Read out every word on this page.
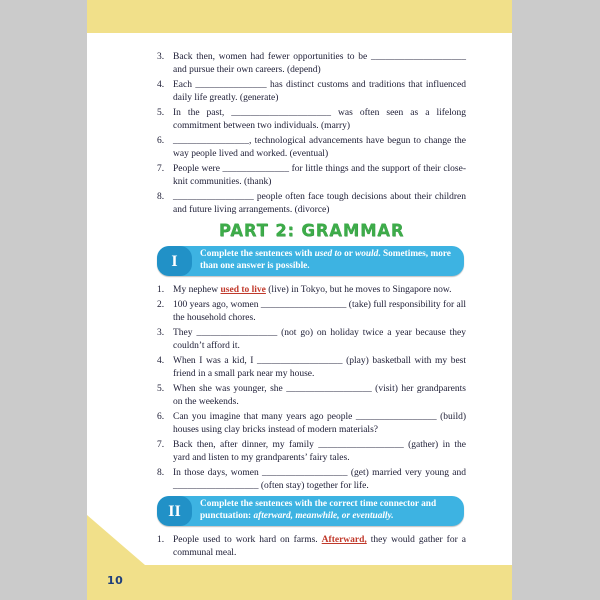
3. Back then, women had fewer opportunities to be ____________________ and pursue their own careers. (depend)
4. Each _______________ has distinct customs and traditions that influenced daily life greatly. (generate)
5. In the past, _____________________ was often seen as a lifelong commitment between two individuals. (marry)
6. ________________, technological advancements have begun to change the way people lived and worked. (eventual)
7. People were ______________ for little things and the support of their close-knit communities. (thank)
8. _________________ people often face tough decisions about their children and future living arrangements. (divorce)
PART 2: GRAMMAR
I	Complete the sentences with used to or would. Sometimes, more than one answer is possible.
1. My nephew used to live (live) in Tokyo, but he moves to Singapore now.
2. 100 years ago, women __________________ (take) full responsibility for all the household chores.
3. They _________________ (not go) on holiday twice a year because they couldn’t afford it.
4. When I was a kid, I __________________ (play) basketball with my best friend in a small park near my house.
5. When she was younger, she __________________ (visit) her grandparents on the weekends.
6. Can you imagine that many years ago people _________________ (build) houses using clay bricks instead of modern materials?
7. Back then, after dinner, my family __________________ (gather) in the yard and listen to my grandparents’ fairy tales.
8. In those days, women __________________ (get) married very young and __________________ (often stay) together for life.
II	Complete the sentences with the correct time connector and punctuation: afterward, meanwhile, or eventually.
1. People used to work hard on farms. Afterward, they would gather for a communal meal.
10
